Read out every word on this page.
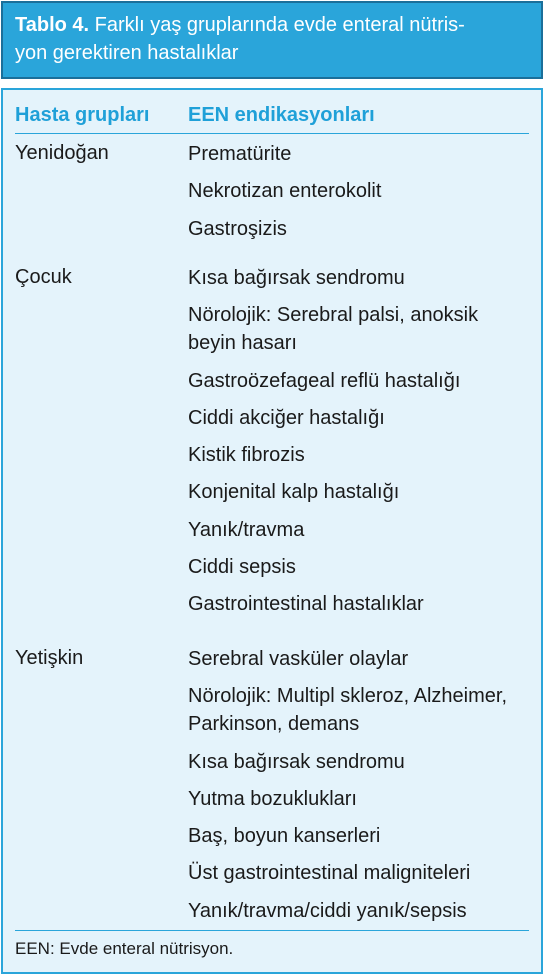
Tablo 4. Farklı yaş gruplarında evde enteral nütris-
yon gerektiren hastalıklar
Hasta grupları EEN endikasyonları
Yenidoğan	Prematürite
Nekrotizan enterokolit
Gastroşizis
Çocuk	Kısa bağırsak sendromu
Nörolojik: Serebral palsi, anoksik beyin hasarı
Gastroözefageal reflü hastalığı
Ciddi akciğer hastalığı
Kistik fibrozis
Konjenital kalp hastalığı
Yanık/travma
Ciddi sepsis
Gastrointestinal hastalıklar
Yetişkin	Serebral vasküler olaylar
Nörolojik: Multipl skleroz, Alzheimer, Parkinson, demans
Kısa bağırsak sendromu
Yutma bozuklukları
Baş, boyun kanserleri
Üst gastrointestinal maligniteleri
Yanık/travma/ciddi yanık/sepsis
EEN: Evde enteral nütrisyon.
